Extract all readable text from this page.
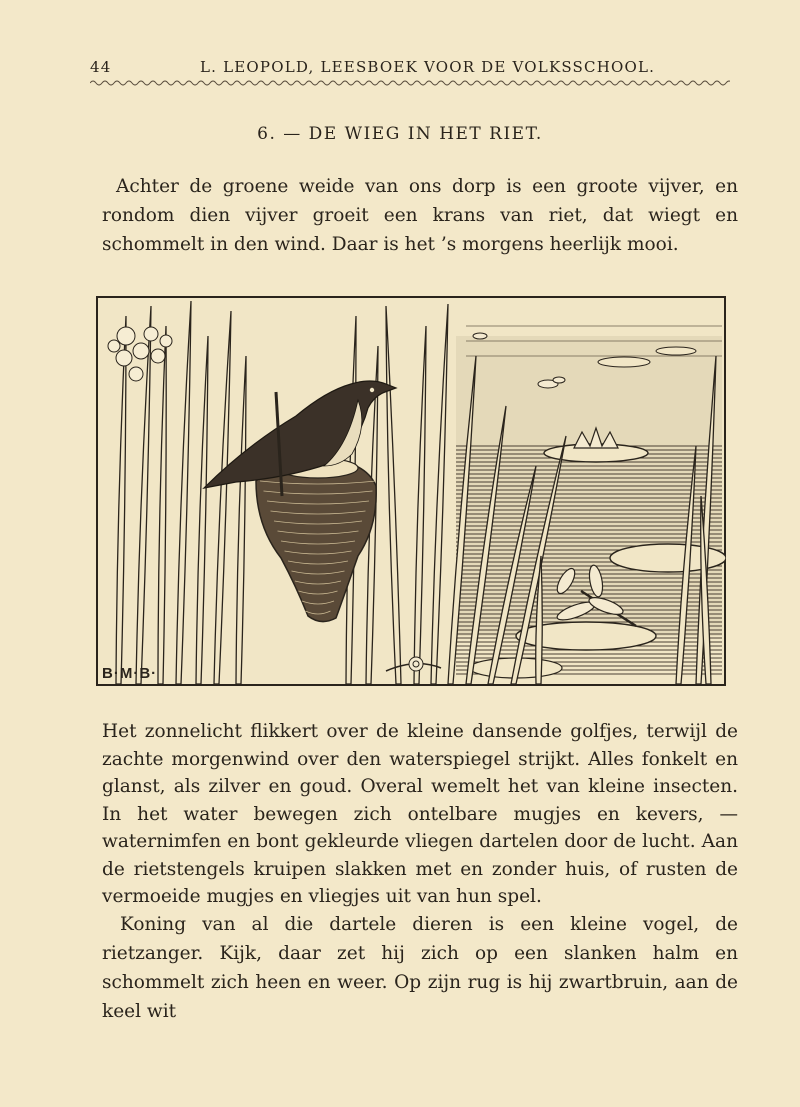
44	L. LEOPOLD, LEESBOEK VOOR DE VOLKSSCHOOL.
6. — DE WIEG IN HET RIET.

Achter de groene weide van ons dorp is een groote vijver, en rondom dien vijver groeit een krans van riet, dat wiegt en schommelt in den wind. Daar is het ’s morgens heerlijk mooi.

B·M·B·

Het zonnelicht flikkert over de kleine dansende golfjes, terwijl de zachte morgenwind over den waterspiegel strijkt. Alles fonkelt en glanst, als zilver en goud. Overal wemelt het van kleine insecten. In het water bewegen zich ontelbare mugjes en kevers, — waternimfen en bont gekleurde vliegen dartelen door de lucht. Aan de rietstengels kruipen slakken met en zonder huis, of rusten de vermoeide mugjes en vliegjes uit van hun spel.

Koning van al die dartele dieren is een kleine vogel, de rietzanger. Kijk, daar zet hij zich op een slanken halm en schommelt zich heen en weer. Op zijn rug is hij zwartbruin, aan de keel wit
